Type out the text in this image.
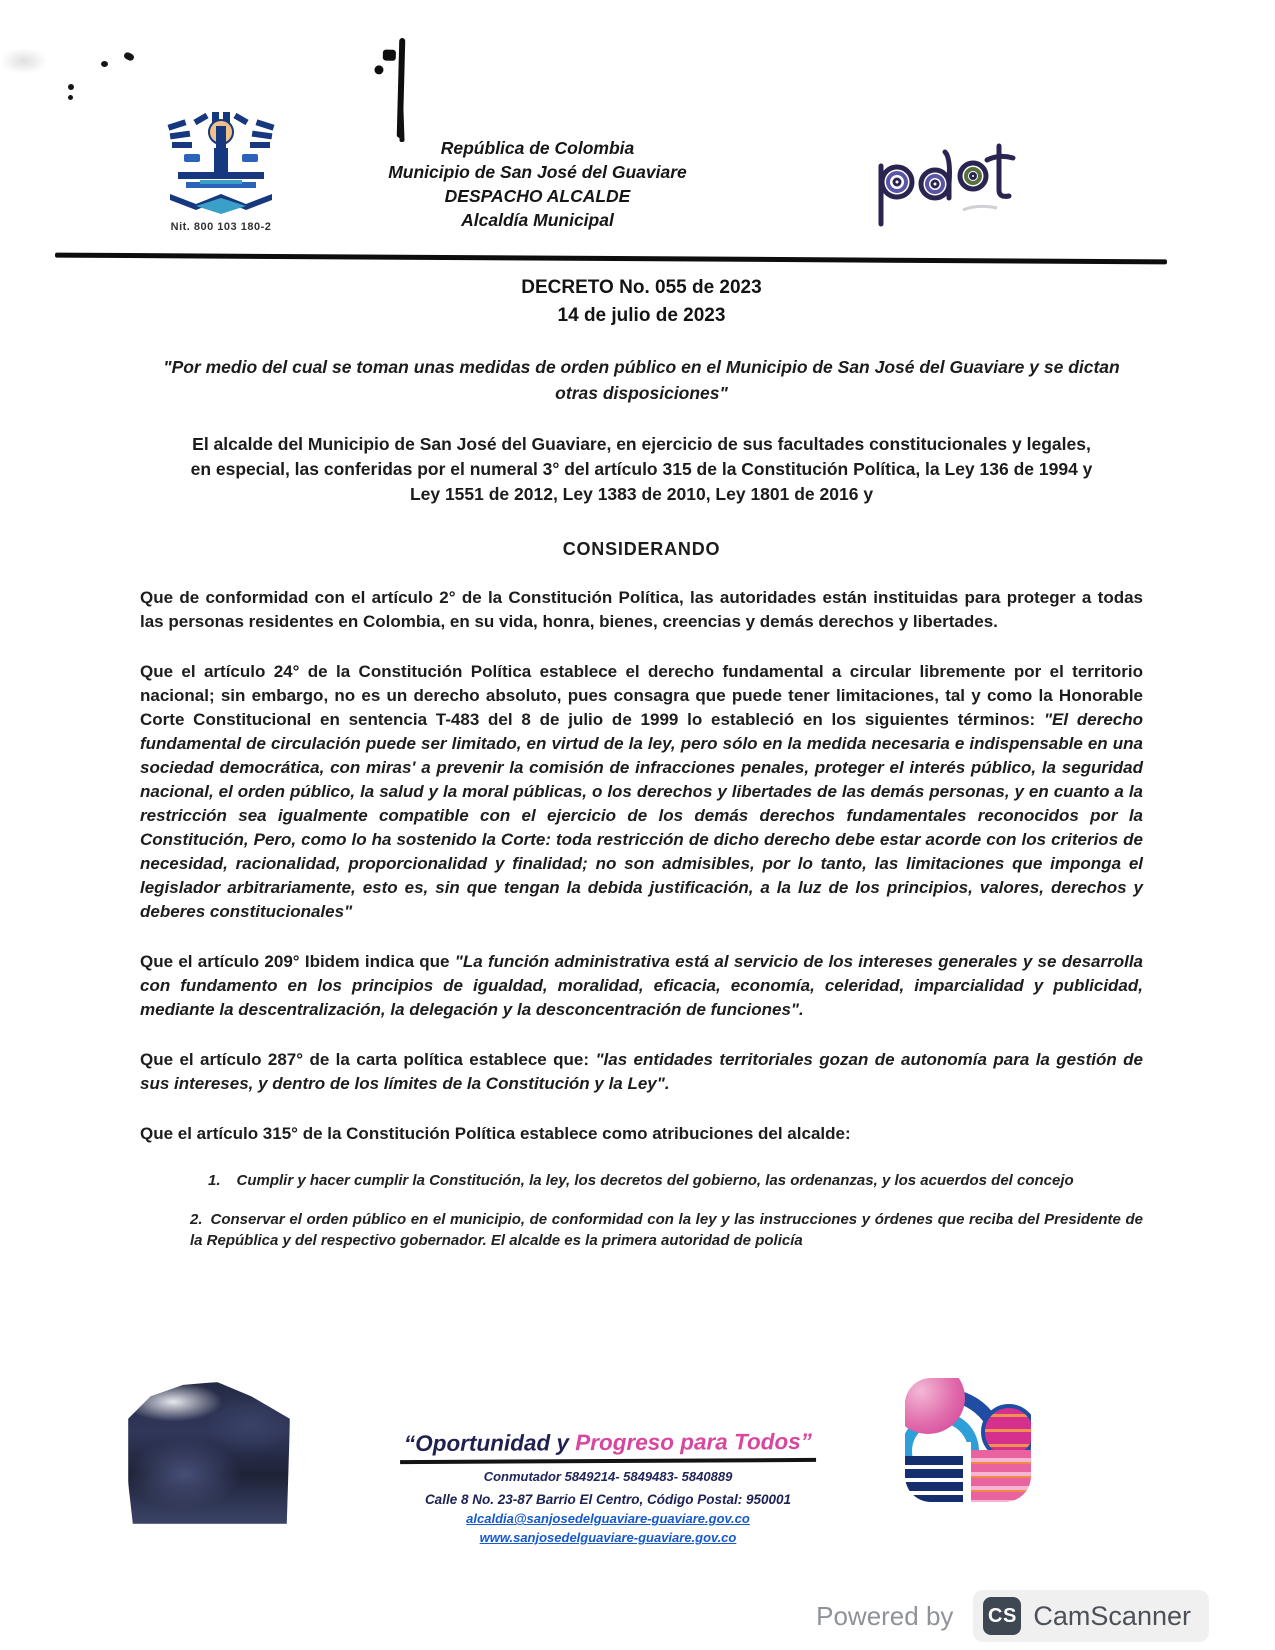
Nit. 800 103 180-2
República de Colombia
Municipio de San José del Guaviare
DESPACHO ALCALDE
Alcaldía Municipal
DECRETO No. 055 de 2023
14 de julio de 2023

"Por medio del cual se toman unas medidas de orden público en el Municipio de San José del Guaviare y se dictan otras disposiciones"

El alcalde del Municipio de San José del Guaviare, en ejercicio de sus facultades constitucionales y legales, en especial, las conferidas por el numeral 3° del artículo 315 de la Constitución Política, la Ley 136 de 1994 y Ley 1551 de 2012, Ley 1383 de 2010, Ley 1801 de 2016 y

CONSIDERANDO

Que de conformidad con el artículo 2° de la Constitución Política, las autoridades están instituidas para proteger a todas las personas residentes en Colombia, en su vida, honra, bienes, creencias y demás derechos y libertades.

Que el artículo 24° de la Constitución Política establece el derecho fundamental a circular libremente por el territorio nacional; sin embargo, no es un derecho absoluto, pues consagra que puede tener limitaciones, tal y como la Honorable Corte Constitucional en sentencia T-483 del 8 de julio de 1999 lo estableció en los siguientes términos: "El derecho fundamental de circulación puede ser limitado, en virtud de la ley, pero sólo en la medida necesaria e indispensable en una sociedad democrática, con miras' a prevenir la comisión de infracciones penales, proteger el interés público, la seguridad nacional, el orden público, la salud y la moral públicas, o los derechos y libertades de las demás personas, y en cuanto a la restricción sea igualmente compatible con el ejercicio de los demás derechos fundamentales reconocidos por la Constitución, Pero, como lo ha sostenido la Corte: toda restricción de dicho derecho debe estar acorde con los criterios de necesidad, racionalidad, proporcionalidad y finalidad; no son admisibles, por lo tanto, las limitaciones que imponga el legislador arbitrariamente, esto es, sin que tengan la debida justificación, a la luz de los principios, valores, derechos y deberes constitucionales"

Que el artículo 209° Ibidem indica que "La función administrativa está al servicio de los intereses generales y se desarrolla con fundamento en los principios de igualdad, moralidad, eficacia, economía, celeridad, imparcialidad y publicidad, mediante la descentralización, la delegación y la desconcentración de funciones".

Que el artículo 287° de la carta política establece que: "las entidades territoriales gozan de autonomía para la gestión de sus intereses, y dentro de los límites de la Constitución y la Ley".

Que el artículo 315° de la Constitución Política establece como atribuciones del alcalde:

1. Cumplir y hacer cumplir la Constitución, la ley, los decretos del gobierno, las ordenanzas, y los acuerdos del concejo
2. Conservar el orden público en el municipio, de conformidad con la ley y las instrucciones y órdenes que reciba del Presidente de la República y del respectivo gobernador. El alcalde es la primera autoridad de policía
“Oportunidad y Progreso para Todos”
Conmutador 5849214- 5849483- 5840889
Calle 8 No. 23-87 Barrio El Centro, Código Postal: 950001
alcaldia@sanjosedelguaviare-guaviare.gov.co
www.sanjosedelguaviare-guaviare.gov.co
Powered by CS CamScanner
